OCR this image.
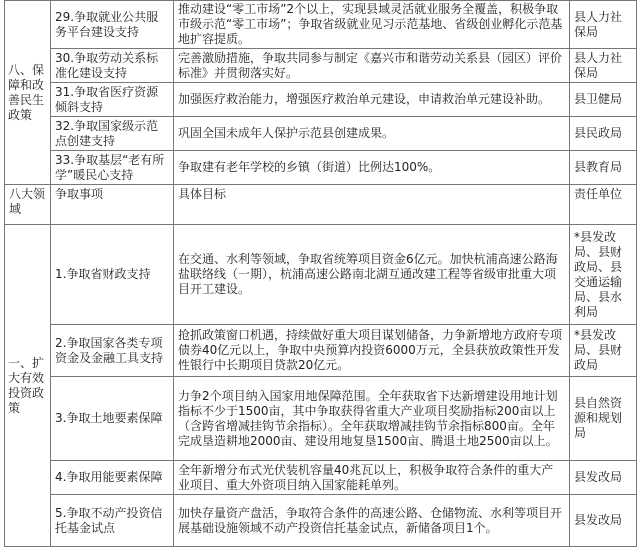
八、保障和改善民生政策	29.争取就业公共服务平台建设支持	推动建设“零工市场”2个以上，实现县域灵活就业服务全覆盖，积极争取市级示范“零工市场”；争取省级就业见习示范基地、省级创业孵化示范基地扩容提质。	县人力社保局
	30.争取劳动关系标准化建设支持	完善激励措施，争取共同参与制定《嘉兴市和谐劳动关系县（园区）评价标准》并贯彻落实好。	县人力社保局
	31.争取省医疗资源倾斜支持	加强医疗救治能力，增强医疗救治单元建设，申请救治单元建设补助。	县卫健局
	32.争取国家级示范点创建支持	巩固全国未成年人保护示范县创建成果。	县民政局
	33.争取基层“老有所学”暖民心支持	争取建有老年学校的乡镇（街道）比例达100%。	县教育局
八大领域	争取事项	具体目标	责任单位
一、扩大有效投资政策	1.争取省财政支持	在交通、水利等领域，争取省统筹项目资金6亿元。加快杭浦高速公路海盐联络线（一期），杭浦高速公路南北湖互通改建工程等省级审批重大项目开工建设。	*县发改局、县财政局、县交通运输局、县水利局
	2.争取国家各类专项资金及金融工具支持	抢抓政策窗口机遇，持续做好重大项目谋划储备，力争新增地方政府专项债券40亿元以上，争取中央预算内投资6000万元，全县获放政策性开发性银行中长期项目贷款20亿元。	*县发改局、县财政局
	3.争取土地要素保障	力争2个项目纳入国家用地保障范围。全年获取省下达新增建设用地计划指标不少于1500亩，其中争取获得省重大产业项目奖励指标200亩以上（含跨省增减挂钩节余指标）。全年获取增减挂钩节余指标800亩。全年完成垦造耕地2000亩、建设用地复垦1500亩、腾退土地2500亩以上。	县自然资源和规划局
	4.争取用能要素保障	全年新增分布式光伏装机容量40兆瓦以上，积极争取符合条件的重大产业项目、重大外资项目纳入国家能耗单列。	县发改局
	5.争取不动产投资信托基金试点	加快存量资产盘活，争取符合条件的高速公路、仓储物流、水利等项目开展基础设施领域不动产投资信托基金试点，新储备项目1个。	县发改局
